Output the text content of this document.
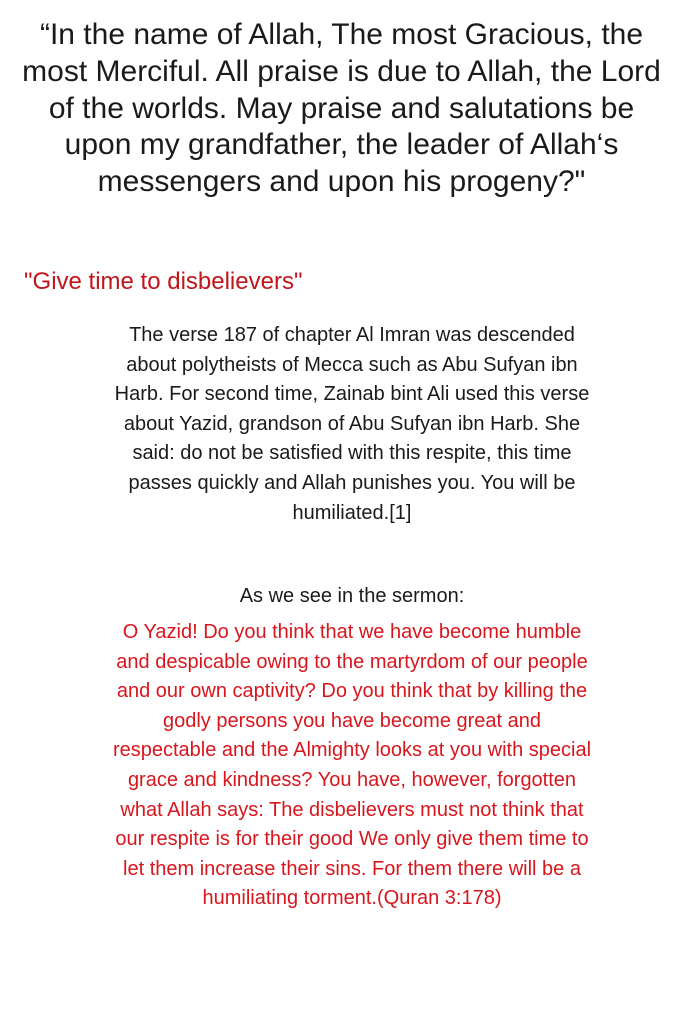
“In the name of Allah, The most Gracious, the most Merciful. All praise is due to Allah, the Lord of the worlds. May praise and salutations be upon my grandfather, the leader of Allah‘s messengers and upon his progeny?"

"Give time to disbelievers"

The verse 187 of chapter Al Imran was descended about polytheists of Mecca such as Abu Sufyan ibn Harb. For second time, Zainab bint Ali used this verse about Yazid, grandson of Abu Sufyan ibn Harb. She said: do not be satisfied with this respite, this time passes quickly and Allah punishes you. You will be humiliated.[1]

As we see in the sermon:

O Yazid! Do you think that we have become humble and despicable owing to the martyrdom of our people and our own captivity? Do you think that by killing the godly persons you have become great and respectable and the Almighty looks at you with special grace and kindness? You have, however, forgotten what Allah says: The disbelievers must not think that our respite is for their good We only give them time to let them increase their sins. For them there will be a humiliating torment.(Quran 3:178)
